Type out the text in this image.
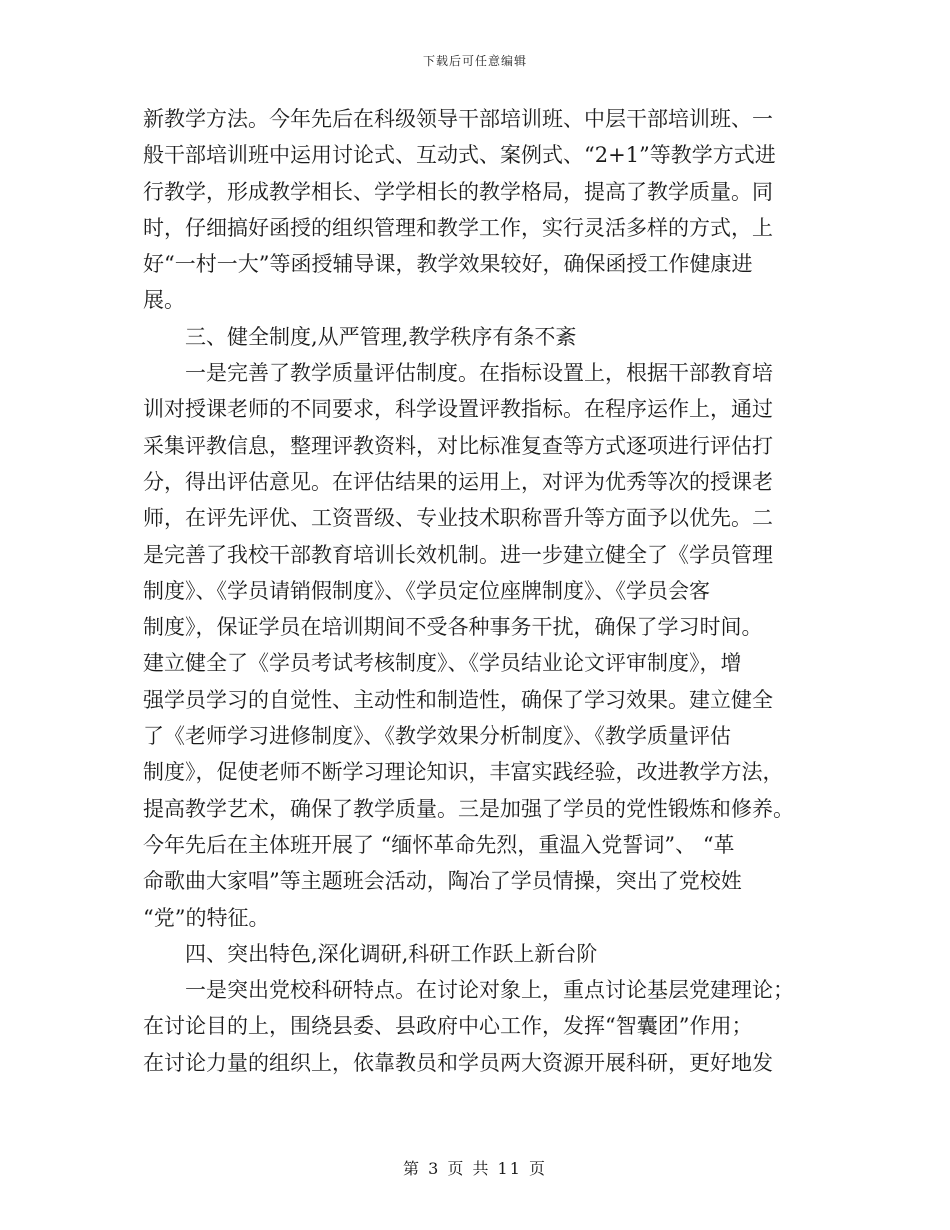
下载后可任意编辑
新教学方法。今年先后在科级领导干部培训班、中层干部培训班、一
般干部培训班中运用讨论式、互动式、案例式、“2+1”等教学方式进
行教学，形成教学相长、学学相长的教学格局，提高了教学质量。同
时，仔细搞好函授的组织管理和教学工作，实行灵活多样的方式，上
好“一村一大”等函授辅导课，教学效果较好，确保函授工作健康进
展。
　　三、健全制度,从严管理,教学秩序有条不紊
　　一是完善了教学质量评估制度。在指标设置上，根据干部教育培
训对授课老师的不同要求，科学设置评教指标。在程序运作上，通过
采集评教信息，整理评教资料，对比标准复查等方式逐项进行评估打
分，得出评估意见。在评估结果的运用上，对评为优秀等次的授课老
师，在评先评优、工资晋级、专业技术职称晋升等方面予以优先。二
是完善了我校干部教育培训长效机制。进一步建立健全了《学员管理
制度》、《学员请销假制度》、《学员定位座牌制度》、《学员会客
制度》，保证学员在培训期间不受各种事务干扰，确保了学习时间。
建立健全了《学员考试考核制度》、《学员结业论文评审制度》，增
强学员学习的自觉性、主动性和制造性，确保了学习效果。建立健全
了《老师学习进修制度》、《教学效果分析制度》、《教学质量评估
制度》，促使老师不断学习理论知识，丰富实践经验，改进教学方法，
提高教学艺术，确保了教学质量。三是加强了学员的党性锻炼和修养。
今年先后在主体班开展了 “缅怀革命先烈，重温入党誓词”、 “革
命歌曲大家唱”等主题班会活动，陶冶了学员情操，突出了党校姓
“党”的特征。
　　四、突出特色,深化调研,科研工作跃上新台阶
　　一是突出党校科研特点。在讨论对象上，重点讨论基层党建理论；
在讨论目的上，围绕县委、县政府中心工作，发挥“智囊团”作用；
在讨论力量的组织上，依靠教员和学员两大资源开展科研，更好地发
第 3 页 共 11 页
